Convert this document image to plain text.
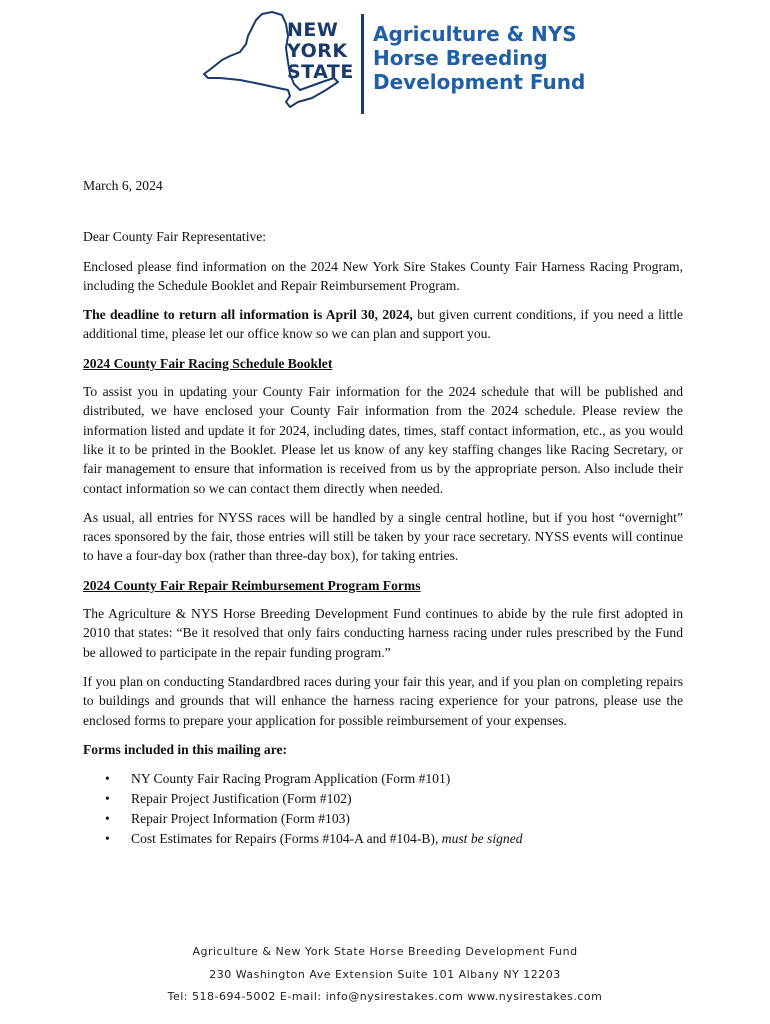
NEW
YORK
STATE
Agriculture & NYS
Horse Breeding
Development Fund

March 6, 2024

Dear County Fair Representative:

Enclosed please find information on the 2024 New York Sire Stakes County Fair Harness Racing Program, including the Schedule Booklet and Repair Reimbursement Program.

The deadline to return all information is April 30, 2024, but given current conditions, if you need a little additional time, please let our office know so we can plan and support you.

2024 County Fair Racing Schedule Booklet

To assist you in updating your County Fair information for the 2024 schedule that will be published and distributed, we have enclosed your County Fair information from the 2024 schedule. Please review the information listed and update it for 2024, including dates, times, staff contact information, etc., as you would like it to be printed in the Booklet. Please let us know of any key staffing changes like Racing Secretary, or fair management to ensure that information is received from us by the appropriate person. Also include their contact information so we can contact them directly when needed.

As usual, all entries for NYSS races will be handled by a single central hotline, but if you host “overnight” races sponsored by the fair, those entries will still be taken by your race secretary. NYSS events will continue to have a four-day box (rather than three-day box), for taking entries.

2024 County Fair Repair Reimbursement Program Forms

The Agriculture & NYS Horse Breeding Development Fund continues to abide by the rule first adopted in 2010 that states: “Be it resolved that only fairs conducting harness racing under rules prescribed by the Fund be allowed to participate in the repair funding program.”

If you plan on conducting Standardbred races during your fair this year, and if you plan on completing repairs to buildings and grounds that will enhance the harness racing experience for your patrons, please use the enclosed forms to prepare your application for possible reimbursement of your expenses.

Forms included in this mailing are:

• NY County Fair Racing Program Application (Form #101)
• Repair Project Justification (Form #102)
• Repair Project Information (Form #103)
• Cost Estimates for Repairs (Forms #104-A and #104-B), must be signed
Agriculture & New York State Horse Breeding Development Fund
230 Washington Ave Extension Suite 101 Albany NY 12203
Tel: 518-694-5002 E-mail: info@nysirestakes.com www.nysirestakes.com
